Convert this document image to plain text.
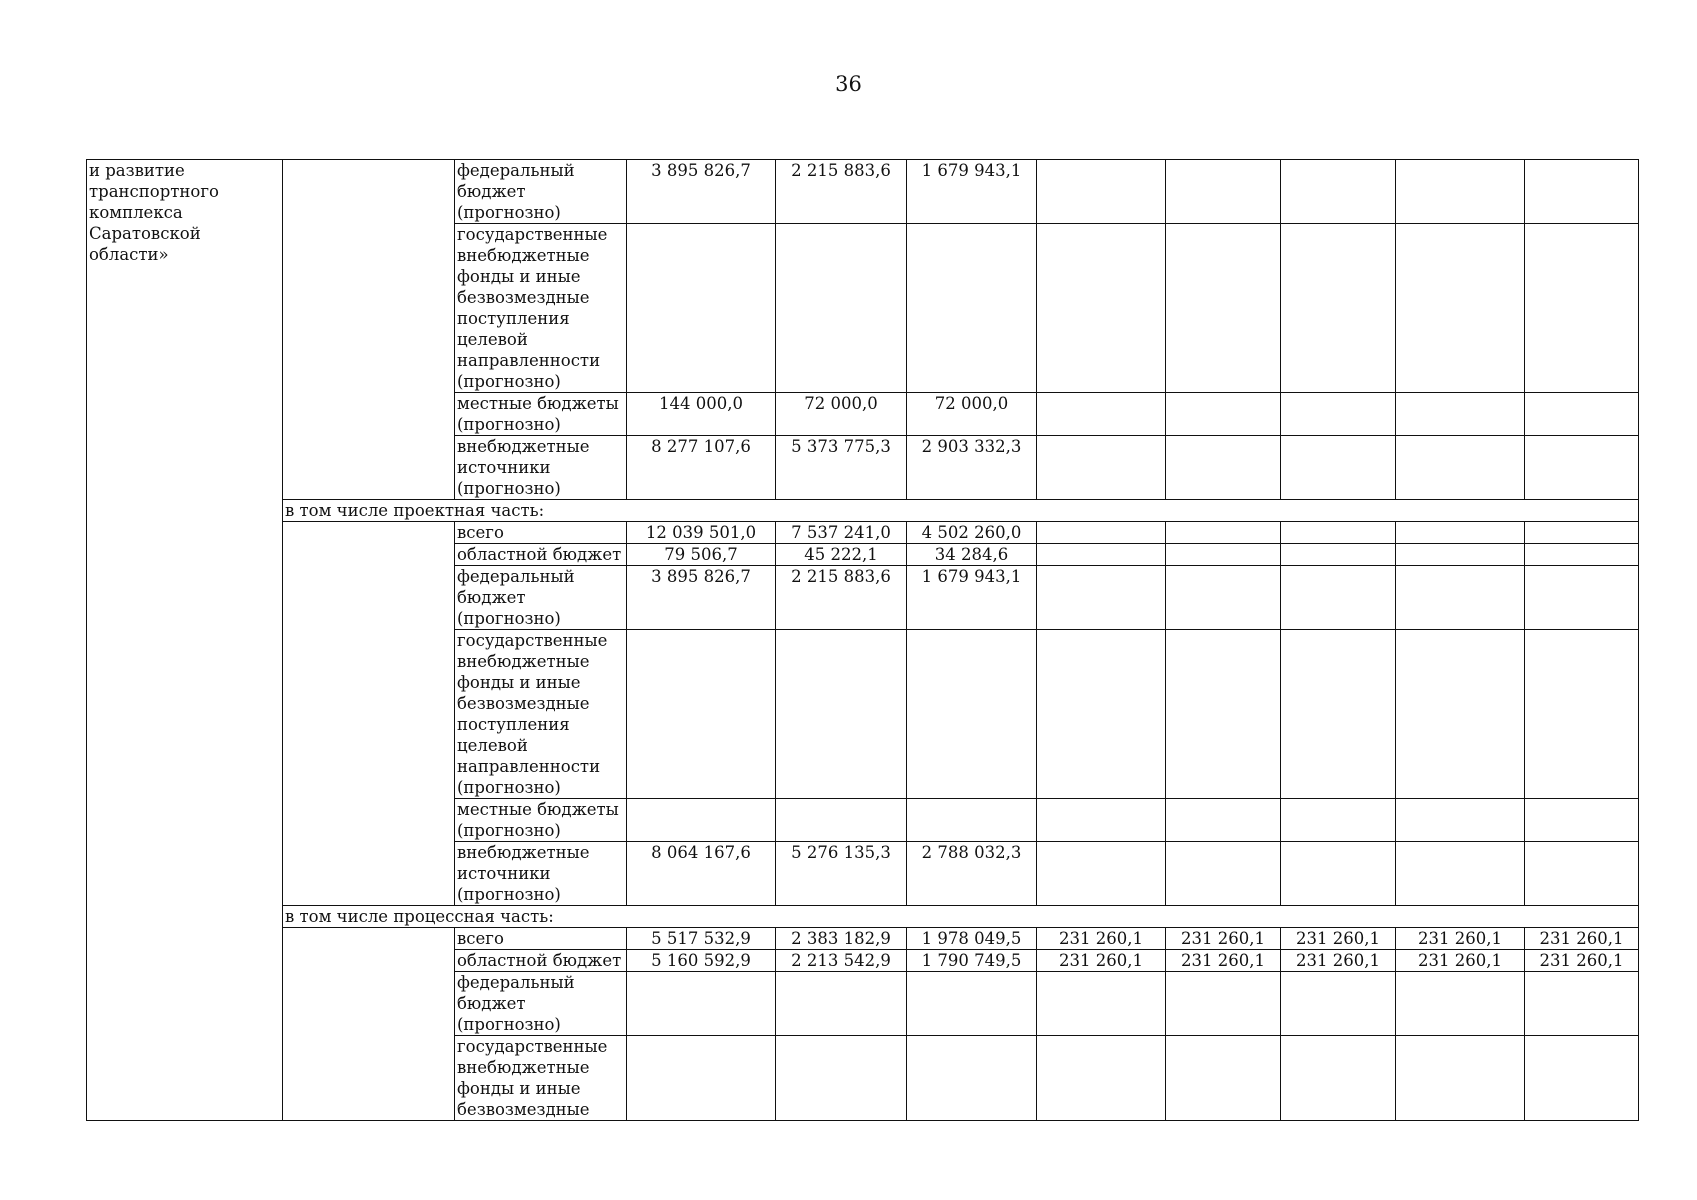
36
и развитие
транспортного
комплекса
Саратовской
области»		федеральный бюджет (прогнозно)	3 895 826,7	2 215 883,6	1 679 943,1					
		государственные внебюджетные фонды и иные безвозмездные поступления целевой направленности (прогнозно)								
		местные бюджеты (прогнозно)	144 000,0	72 000,0	72 000,0					
		внебюджетные источники (прогнозно)	8 277 107,6	5 373 775,3	2 903 332,3					
	в том числе проектная часть:									
		всего	12 039 501,0	7 537 241,0	4 502 260,0					
		областной бюджет	79 506,7	45 222,1	34 284,6					
		федеральный бюджет (прогнозно)	3 895 826,7	2 215 883,6	1 679 943,1					
		государственные внебюджетные фонды и иные безвозмездные поступления целевой направленности (прогнозно)								
		местные бюджеты (прогнозно)								
		внебюджетные источники (прогнозно)	8 064 167,6	5 276 135,3	2 788 032,3					
	в том числе процессная часть:									
		всего	5 517 532,9	2 383 182,9	1 978 049,5	231 260,1	231 260,1	231 260,1	231 260,1	231 260,1
		областной бюджет	5 160 592,9	2 213 542,9	1 790 749,5	231 260,1	231 260,1	231 260,1	231 260,1	231 260,1
		федеральный бюджет (прогнозно)								
		государственные внебюджетные фонды и иные безвозмездные								
